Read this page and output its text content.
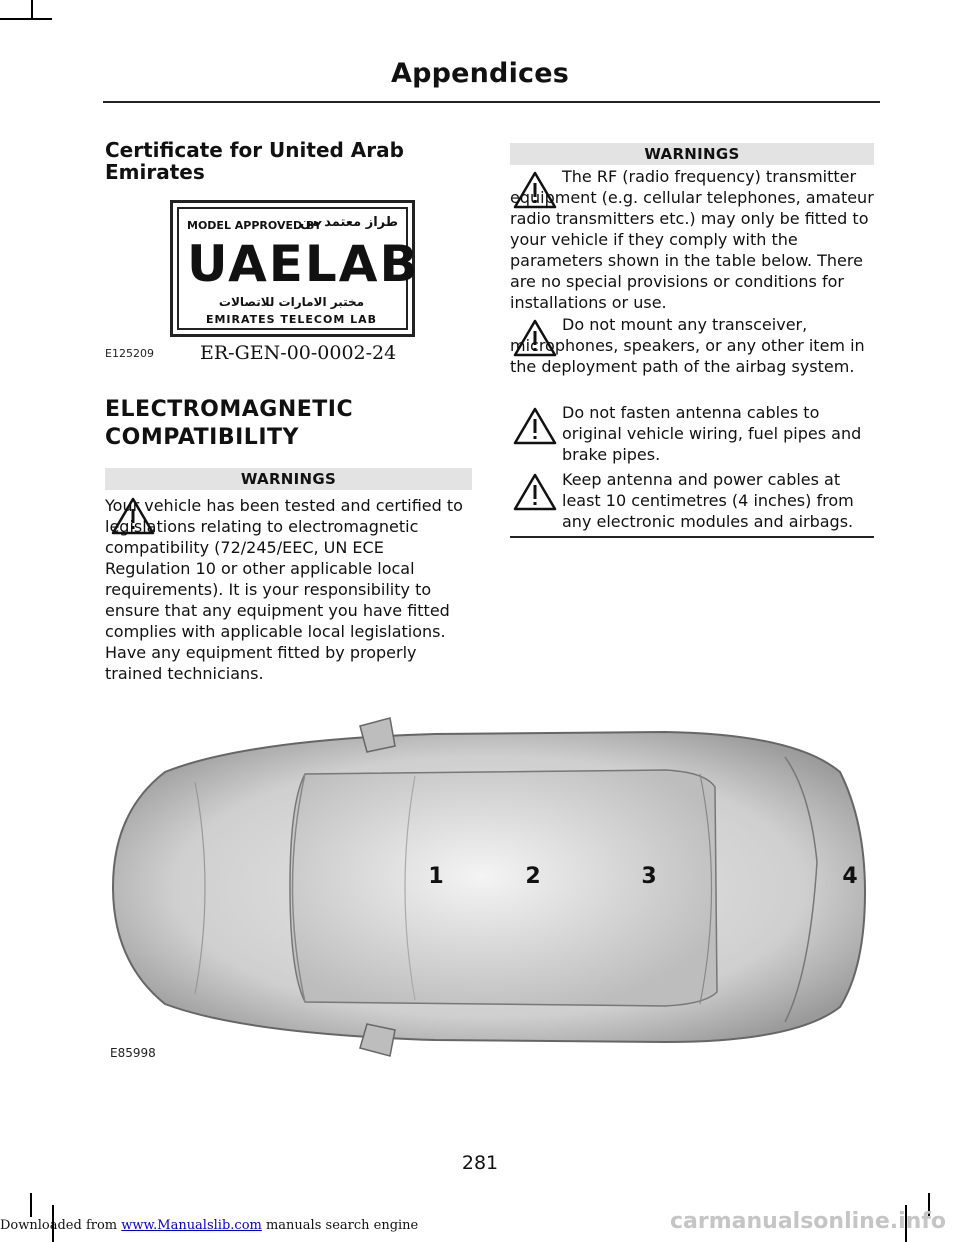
Appendices
Certificate for United Arab Emirates
MODEL APPROVED BY
طراز معتمد من
UAELAB
مختبر الامارات للاتصالات
EMIRATES TELECOM LAB
E125209 ER-GEN-00-0002-24
ELECTROMAGNETIC
COMPATIBILITY
WARNINGS
Your vehicle has been tested and certified to legislations relating to electromagnetic compatibility (72/245/EEC, UN ECE Regulation 10 or other applicable local requirements). It is your responsibility to ensure that any equipment you have fitted complies with applicable local legislations. Have any equipment fitted by properly trained technicians.
WARNINGS
The RF (radio frequency) transmitter equipment (e.g. cellular telephones, amateur radio transmitters etc.) may only be fitted to your vehicle if they comply with the parameters shown in the table below. There are no special provisions or conditions for installations or use.
Do not mount any transceiver, microphones, speakers, or any other item in the deployment path of the airbag system.
Do not fasten antenna cables to original vehicle wiring, fuel pipes and brake pipes.
Keep antenna and power cables at least 10 centimetres (4 inches) from any electronic modules and airbags.
1	2	3	4
E85998
281
Downloaded from www.Manualslib.com manuals search engine	carmanualsonline.info
